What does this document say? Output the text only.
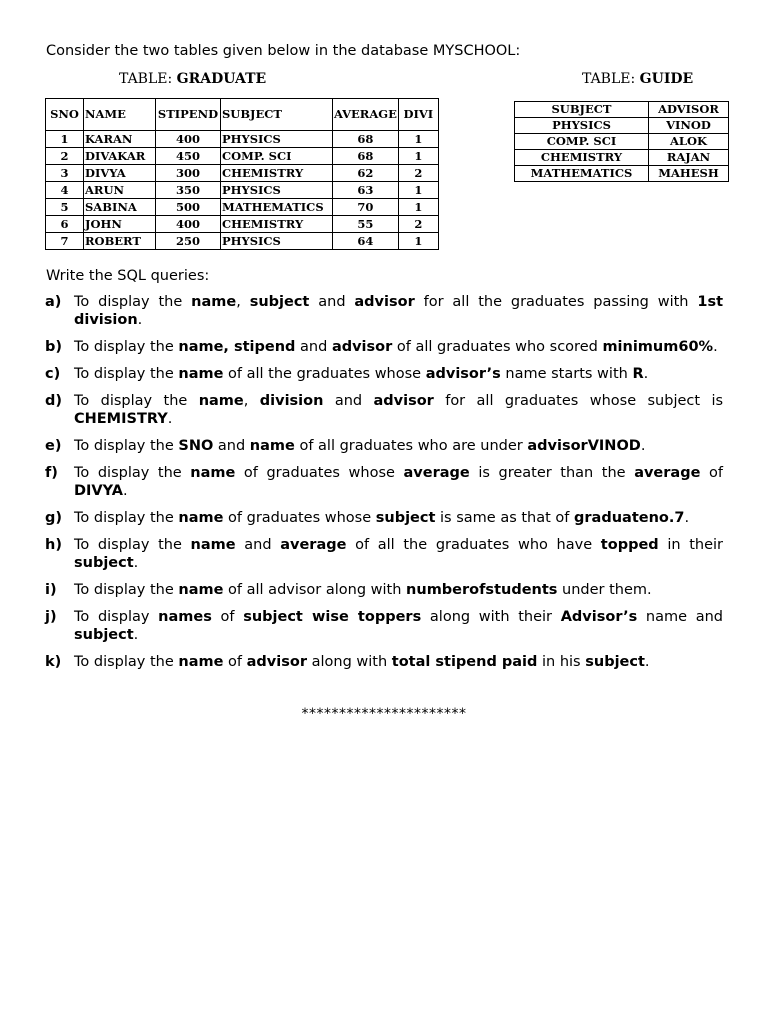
Consider the two tables given below in the database MYSCHOOL:
TABLE: GRADUATE	TABLE: GUIDE
SNO	NAME	STIPEND	SUBJECT	AVERAGE	DIVI
1	KARAN	400	PHYSICS	68	1
2	DIVAKAR	450	COMP. SCI	68	1
3	DIVYA	300	CHEMISTRY	62	2
4	ARUN	350	PHYSICS	63	1
5	SABINA	500	MATHEMATICS	70	1
6	JOHN	400	CHEMISTRY	55	2
7	ROBERT	250	PHYSICS	64	1
SUBJECT	ADVISOR
PHYSICS	VINOD
COMP. SCI	ALOK
CHEMISTRY	RAJAN
MATHEMATICS	MAHESH
Write the SQL queries:
a) To display the name, subject and advisor for all the graduates passing with 1st division.
b) To display the name, stipend and advisor of all graduates who scored minimum60%.
c) To display the name of all the graduates whose advisor’s name starts with R.
d) To display the name, division and advisor for all graduates whose subject is CHEMISTRY.
e) To display the SNO and name of all graduates who are under advisorVINOD.
f)	To display the name of graduates whose average is greater than the average of DIVYA.
g) To display the name of graduates whose subject is same as that of graduateno.7.
h) To display the name and average of all the graduates who have topped in their subject.
i)	To display the name of all advisor along with numberofstudents under them.
j)	To display names of subject wise toppers along with their Advisor’s name and subject.
k) To display the name of advisor along with total stipend paid in his subject.
**********************
